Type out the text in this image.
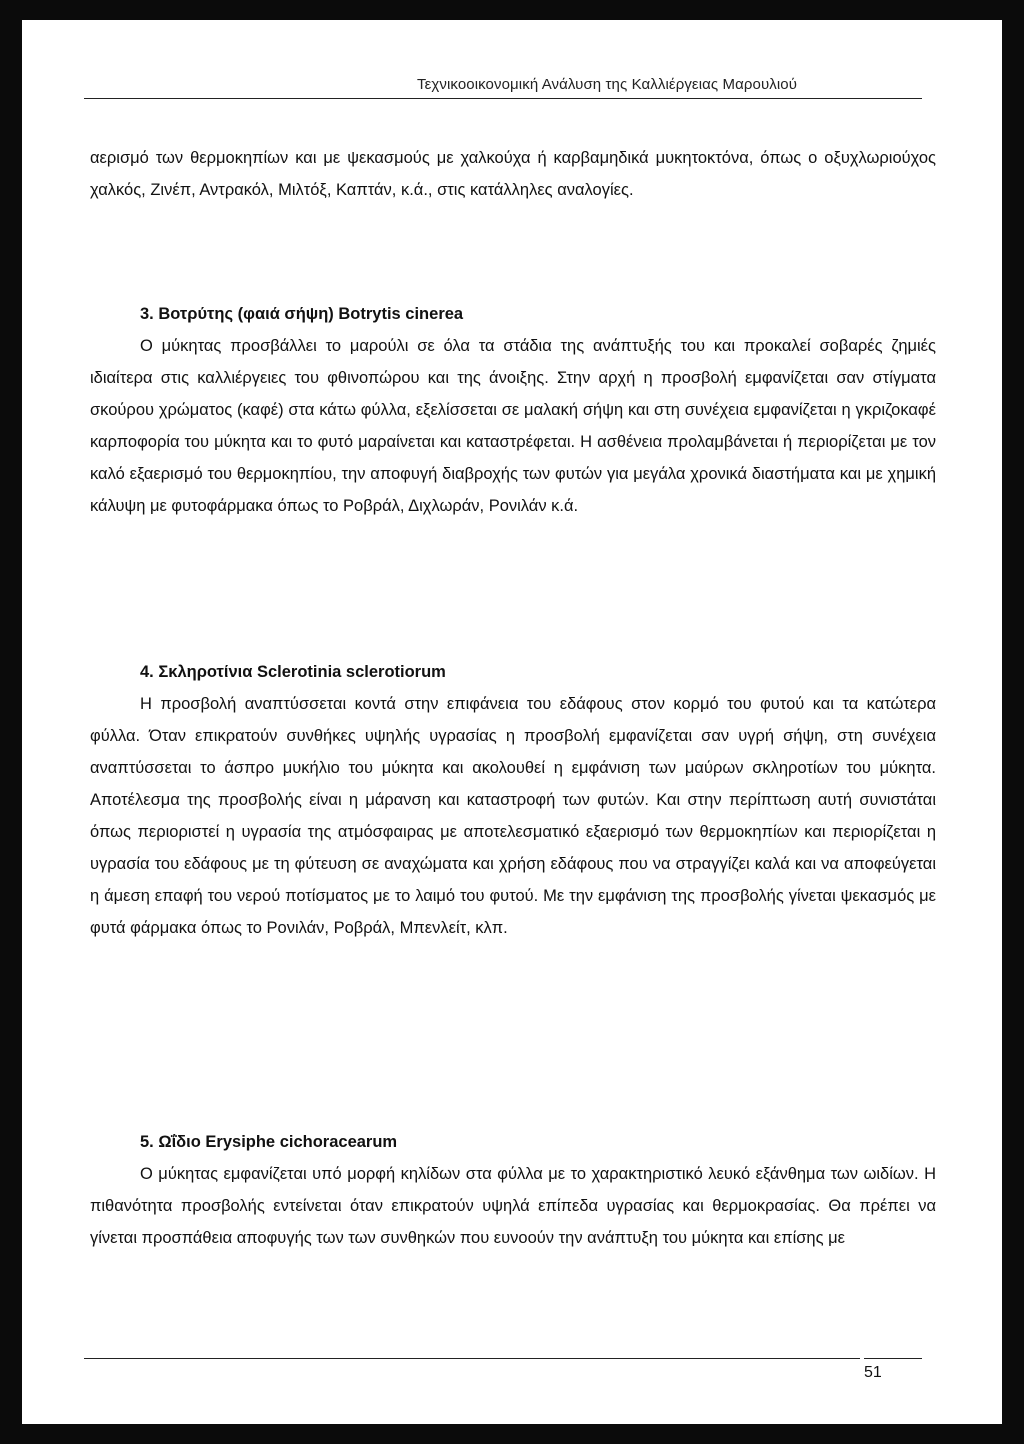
Τεχνικοοικονομική Ανάλυση της Καλλιέργειας Μαρουλιού

αερισμό των θερμοκηπίων και με ψεκασμούς με χαλκούχα ή καρβαμηδικά μυκητοκτόνα, όπως ο οξυχλωριούχος χαλκός, Ζινέπ, Αντρακόλ, Μιλτόξ, Καπτάν, κ.ά., στις κατάλληλες αναλογίες.

3. Βοτρύτης (φαιά σήψη) Botrytis cinerea

Ο μύκητας προσβάλλει το μαρούλι σε όλα τα στάδια της ανάπτυξής του και προκαλεί σοβαρές ζημιές ιδιαίτερα στις καλλιέργειες του φθινοπώρου και της άνοιξης. Στην αρχή η προσβολή εμφανίζεται σαν στίγματα σκούρου χρώματος (καφέ) στα κάτω φύλλα, εξελίσσεται σε μαλακή σήψη και στη συνέχεια εμφανίζεται η γκριζοκαφέ καρποφορία του μύκητα και το φυτό μαραίνεται και καταστρέφεται. Η ασθένεια προλαμβάνεται ή περιορίζεται με τον καλό εξαερισμό του θερμοκηπίου, την αποφυγή διαβροχής των φυτών για μεγάλα χρονικά διαστήματα και με χημική κάλυψη με φυτοφάρμακα όπως το Ροβράλ, Διχλωράν, Ρονιλάν κ.ά.

4. Σκληροτίνια Sclerotinia sclerotiorum

Η προσβολή αναπτύσσεται κοντά στην επιφάνεια του εδάφους στον κορμό του φυτού και τα κατώτερα φύλλα. Όταν επικρατούν συνθήκες υψηλής υγρασίας η προσβολή εμφανίζεται σαν υγρή σήψη, στη συνέχεια αναπτύσσεται το άσπρο μυκήλιο του μύκητα και ακολουθεί η εμφάνιση των μαύρων σκληροτίων του μύκητα. Αποτέλεσμα της προσβολής είναι η μάρανση και καταστροφή των φυτών. Και στην περίπτωση αυτή συνιστάται όπως περιοριστεί η υγρασία της ατμόσφαιρας με αποτελεσματικό εξαερισμό των θερμοκηπίων και περιορίζεται η υγρασία του εδάφους με τη φύτευση σε αναχώματα και χρήση εδάφους που να στραγγίζει καλά και να αποφεύγεται η άμεση επαφή του νερού ποτίσματος με το λαιμό του φυτού. Με την εμφάνιση της προσβολής γίνεται ψεκασμός με φυτά φάρμακα όπως το Ρονιλάν, Ροβράλ, Μπενλείτ, κλπ.

5. Ωΐδιο Erysiphe cichoracearum

Ο μύκητας εμφανίζεται υπό μορφή κηλίδων στα φύλλα με το χαρακτηριστικό λευκό εξάνθημα των ωιδίων. Η πιθανότητα προσβολής εντείνεται όταν επικρατούν υψηλά επίπεδα υγρασίας και θερμοκρασίας. Θα πρέπει να γίνεται προσπάθεια αποφυγής των των συνθηκών που ευνοούν την ανάπτυξη του μύκητα και επίσης με

51
